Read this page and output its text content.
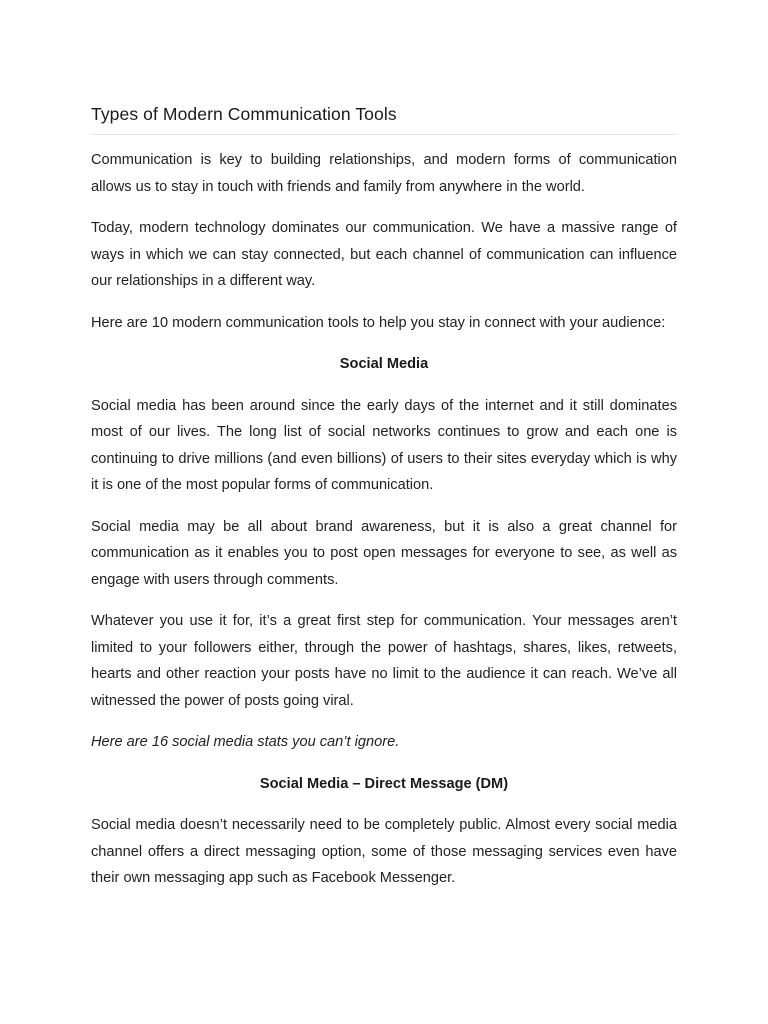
Types of Modern Communication Tools

Communication is key to building relationships, and modern forms of communication allows us to stay in touch with friends and family from anywhere in the world.

Today, modern technology dominates our communication. We have a massive range of ways in which we can stay connected, but each channel of communication can influence our relationships in a different way.

Here are 10 modern communication tools to help you stay in connect with your audience:

Social Media

Social media has been around since the early days of the internet and it still dominates most of our lives. The long list of social networks continues to grow and each one is continuing to drive millions (and even billions) of users to their sites everyday which is why it is one of the most popular forms of communication.

Social media may be all about brand awareness, but it is also a great channel for communication as it enables you to post open messages for everyone to see, as well as engage with users through comments.

Whatever you use it for, it’s a great first step for communication. Your messages aren’t limited to your followers either, through the power of hashtags, shares, likes, retweets, hearts and other reaction your posts have no limit to the audience it can reach. We’ve all witnessed the power of posts going viral.

Here are 16 social media stats you can’t ignore.

Social Media – Direct Message (DM)

Social media doesn’t necessarily need to be completely public. Almost every social media channel offers a direct messaging option, some of those messaging services even have their own messaging app such as Facebook Messenger.
